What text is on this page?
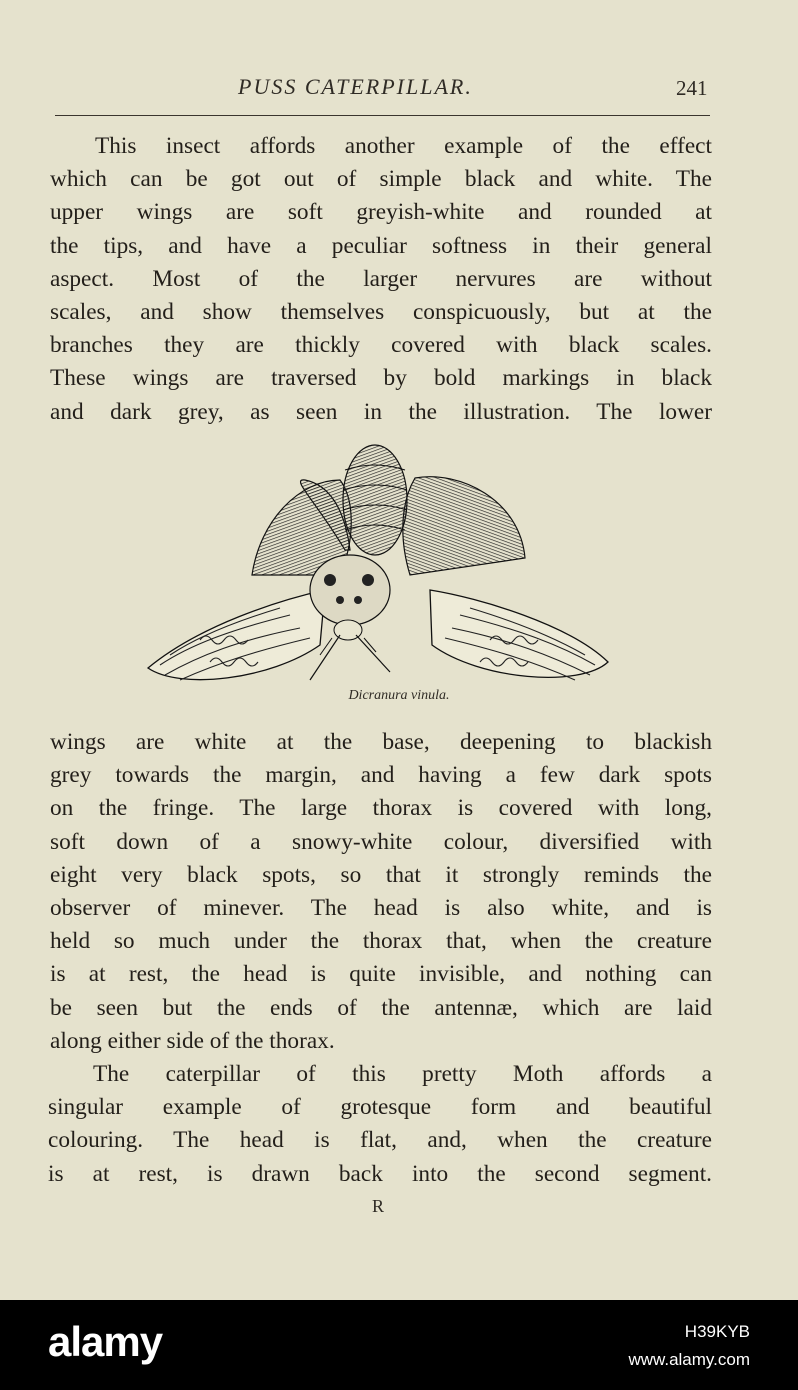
PUSS CATERPILLAR.	241
This insect affords another example of the effect
which can be got out of simple black and white. The
upper wings are soft greyish-white and rounded at
the tips, and have a peculiar softness in their general
aspect. Most of the larger nervures are without
scales, and show themselves conspicuously, but at the
branches they are thickly covered with black scales.
These wings are traversed by bold markings in black
and dark grey, as seen in the illustration. The lower
Dicranura vinula.
wings are white at the base, deepening to blackish
grey towards the margin, and having a few dark spots
on the fringe. The large thorax is covered with long,
soft down of a snowy-white colour, diversified with
eight very black spots, so that it strongly reminds the
observer of minever. The head is also white, and is
held so much under the thorax that, when the creature
is at rest, the head is quite invisible, and nothing can
be seen but the ends of the antennæ, which are laid
along either side of the thorax.
The caterpillar of this pretty Moth affords a
singular example of grotesque form and beautiful
colouring. The head is flat, and, when the creature
is at rest, is drawn back into the second segment.
R
alamy	H39KYB
www.alamy.com
